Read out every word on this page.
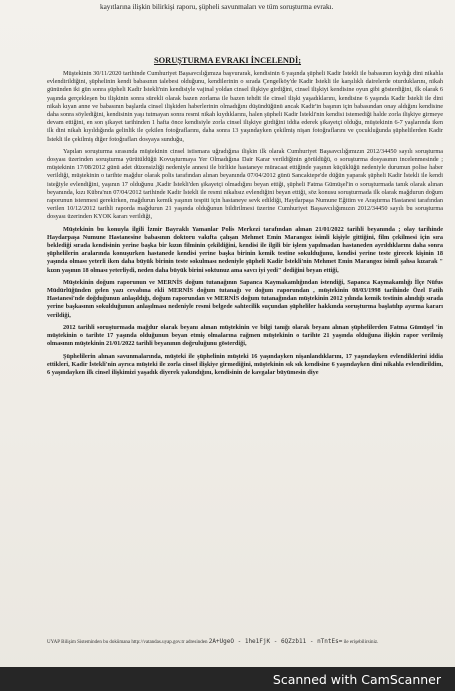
kayıtlarına ilişkin bilirkişi raporu, şüpheli savunmaları ve tüm soruşturma evrakı.
SORUŞTURMA EVRAKI İNCELENDİ;

Müştekinin 30/11/2020 tarihinde Cumhuriyet Başsavcılığımıza başvurarak, kendisinin 6 yaşında şüpheli Kadir İstekli ile babasının kıydığı dini nikahla evlendirildiğini, şüphelinin kendi babasının talebesi olduğunu, kendilerinin o sırada Çengelköy'de Kadir İstekli ile karşılıklı dairelerde oturduklarını, nikah gününden iki gün sonra şüpheli Kadir İstekli'nin kendisiyle vajinal yoldan cinsel ilişkiye girdiğini, cinsel ilişkiyi kendisine oyun gibi gösterdiğini, ilk olarak 6 yaşında gerçekleşen bu ilişkinin sonra sürekli olarak bazen zorlama ile bazen tehdit ile cinsel ilişki yaşadıklarını, kendisine 6 yaşında Kadir İstekli ile dini nikah kıyan anne ve babasının başlarda cinsel ilişkiden haberlerinin olmadığını düşündüğünü ancak Kadir'in başının için babasından onay aldığını kendisine daha sonra söylediğini, kendisinin yaşı tutmayan sonra resmi nikah kıydıklarını, halen şüpheli Kadir İstekli'nin kendisi istemediği halde zorla ilişkiye girmeye devam ettiğini, en son şikayet tarihinden 1 hafta önce kendisiyle zorla cinsel ilişkiye girdiğini iddia ederek şikayetçi olduğu, müştekinin 6-7 yaşlarında iken ilk dini nikah kıyıldığında gelinlik ile çekilen fotoğraflarını, daha sonra 13 yaşındayken çekilmiş nişan fotoğraflarını ve çocukluğunda şüphelilerden Kadir İstekli ile çekilmiş diğer fotoğrafları dosyaya sunduğu,

Yapılan soruşturma sırasında müştekinin cinsel istismara uğradığına ilişkin ilk olarak Cumhuriyet Başsavcılığımızın 2012/34450 sayılı soruşturma dosyası üzerinden soruşturma yürütüldüğü Kovuşturmaya Yer Olmadığına Dair Karar verildiğinin görüldüğü, o soruşturma dosyasının incelenmesinde ; müştekinin 17/08/2012 günü adet düzensizliği nedeniyle annesi ile birlikte hastaneye müracaat ettiğinde yaşının küçüklüğü nedeniyle durumun polise haber verildiği, müştekinin o tarihte mağdur olarak polis tarafından alınan beyanında 07/04/2012 günü Sancaktepe'de düğün yaparak şüpheli Kadir İstekli ile kendi isteğiyle evlendiğini, yaşının 17 olduğunu ,Kadir İstekli'den şikayetçi olmadığını beyan ettiği, şüpheli Fatma Gümüşel'in o soruşturmada tanık olarak alınan beyanında, kızı Kübra'nın 07/04/2012 tarihinde Kadir İstekli ile resmi nikahsız evlendiğini beyan ettiği, söz konusu soruşturmada ilk olarak mağdurun doğum raporunun istenmesi gerekirken, mağdurun kemik yaşının tespiti için hastaneye sevk edildiği, Haydarpaşa Numune Eğitim ve Araştırma Hastanesi tarafından verilen 10/12/2012 tarihli raporda mağdurun 21 yaşında olduğunun bildirilmesi üzerine Cumhuriyet Başsavcılığımızın 2012/34450 sayılı bu soruşturma dosyası üzerinden KYOK kararı verildiği,

Müştekinin bu konuyla ilgili İzmir Bayraklı Yamanlar Polis Merkezi tarafından alınan 21/01/2022 tarihli beyanında ; olay tarihinde Haydarpaşa Numune Hastanesine babasının doktoru vakıfta çalışan Mehmet Emin Marangoz isimli kişiyle gittiğini, film çekilmesi için sıra beklediği sırada kendisinin yerine başka bir kızın filminin çekildiğini, kendisi ile ilgili bir işlem yapılmadan hastaneden ayrıldıklarını daha sonra şüphelilerin aralarında konuşurken hastanede kendisi yerine başka birinin kemik testine sokulduğunu, kendisi yerine teste girecek kişinin 18 yaşında olması yeterli iken daha büyük birinin teste sokulması nedeniyle şüpheli Kadir İstekli'nin Mehmet Emin Marangoz isimli şahsa kızarak " kızın yaşının 18 olması yeterliydi, neden daha büyük birini soktunuz ama savcı iyi yedi" dediğini beyan ettiği,

Müştekinin doğum raporunun ve MERNİS doğum tutanağının Sapanca Kaymakamlığından istendiği, Sapanca Kaymakamlığı İlçe Nüfus Müdürlüğünden gelen yazı cevabına ekli MERNİS doğum tutanağı ve doğum raporundan , müştekinin 08/03/1998 tarihinde Özel Fatih Hastanesi'nde doğduğunun anlaşıldığı, doğum raporundan ve MERNİS doğum tutanağından müştekinin 2012 yılında kemik testinin alındığı sırada yerine başkasının sokulduğunun anlaşılması nedeniyle resmi belgede sahtecilik suçundan şüpheliler hakkında soruşturma başlatılıp ayırma kararı verildiği,

2012 tarihli soruşturmada mağdur olarak beyanı alınan müştekinin ve bilgi tanığı olarak beyanı alınan şüphelilerden Fatma Gümüşel 'in müştekinin o tarihte 17 yaşında olduğunun beyan etmiş olmalarına rağmen müştekinin o tarihte 21 yaşında olduğuna ilişkin rapor verilmiş olmasının müştekinin 21/01/2022 tarihli beyanının doğruluğunu gösterdiği,

Şüphelilerin alınan savunmalarında, müşteki ile şüphelinin müşteki 16 yaşındayken nişanlandıklarını, 17 yaşındayken evlendiklerini iddia ettikleri, Kadir İstekli'nin ayrıca müşteki ile zorla cinsel ilişkiye girmediğini, müştekinin sık sık kendisine 6 yaşındayken dini nikahla evlendirildim, 6 yaşındayken ilk cinsel ilişkimizi yaşadık diyerek yakındığını, kendisinin de kavgalar büyümesin diye

UYAP Bilişim Sisteminden bu dokümana http://vatandas.uyap.gov.tr adresinden 2A+UgeO - 1he1FjK - 6QZzb11 - nTntEs= ile erişebilirsiniz.
Scanned with CamScanner
